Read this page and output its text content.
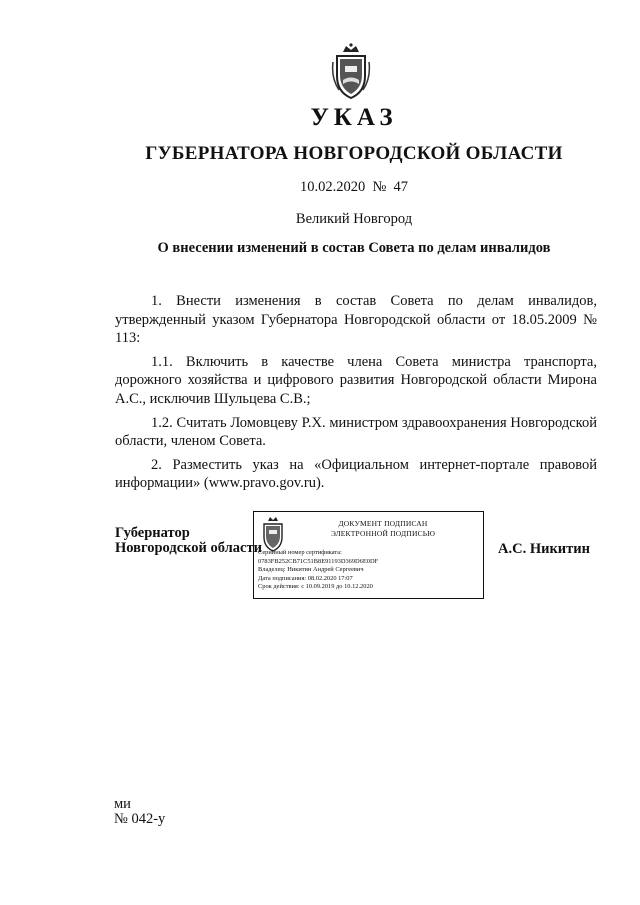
УКАЗ
ГУБЕРНАТОРА НОВГОРОДСКОЙ ОБЛАСТИ
10.02.2020 № 47
Великий Новгород
О внесении изменений в состав Совета по делам инвалидов

1. Внести изменения в состав Совета по делам инвалидов, утвержденный указом Губернатора Новгородской области от 18.05.2009 № 113:

1.1. Включить в качестве члена Совета министра транспорта, дорожного хозяйства и цифрового развития Новгородской области Мирона А.С., исключив Шульцева С.В.;

1.2. Считать Ломовцеву Р.Х. министром здравоохранения Новгородской области, членом Совета.

2. Разместить указ на «Официальном интернет-портале правовой информации» (www.pravo.gov.ru).

Губернатор
Новгородской области
ДОКУМЕНТ ПОДПИСАН
ЭЛЕКТРОННОЙ ПОДПИСЬЮ
Серийный номер сертификата:
0783FB252CB71C51B8E91193D369D6E0DF
Владелец: Никитин Андрей Сергеевич
Дата подписания: 08.02.2020 17:07
Срок действия: с 10.09.2019 до 10.12.2020
А.С. Никитин
ми
№ 042-у
